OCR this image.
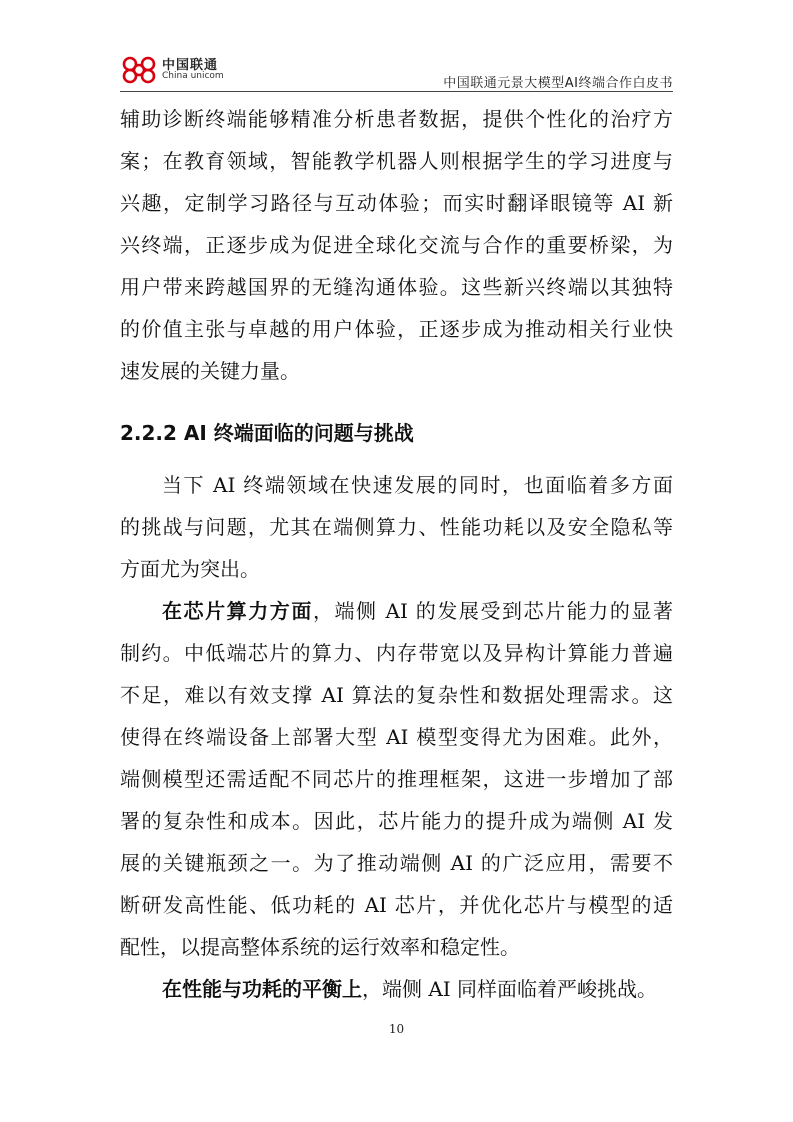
中国联通
China unicom	中国联通元景大模型AI终端合作白皮书

辅助诊断终端能够精准分析患者数据，提供个性化的治疗方
案；在教育领域，智能教学机器人则根据学生的学习进度与
兴趣，定制学习路径与互动体验；而实时翻译眼镜等 AI 新
兴终端，正逐步成为促进全球化交流与合作的重要桥梁，为
用户带来跨越国界的无缝沟通体验。这些新兴终端以其独特
的价值主张与卓越的用户体验，正逐步成为推动相关行业快
速发展的关键力量。

2.2.2 AI 终端面临的问题与挑战

当下 AI 终端领域在快速发展的同时，也面临着多方面
的挑战与问题，尤其在端侧算力、性能功耗以及安全隐私等
方面尤为突出。

在芯片算力方面，端侧 AI 的发展受到芯片能力的显著
制约。中低端芯片的算力、内存带宽以及异构计算能力普遍
不足，难以有效支撑 AI 算法的复杂性和数据处理需求。这
使得在终端设备上部署大型 AI 模型变得尤为困难。此外，
端侧模型还需适配不同芯片的推理框架，这进一步增加了部
署的复杂性和成本。因此，芯片能力的提升成为端侧 AI 发
展的关键瓶颈之一。为了推动端侧 AI 的广泛应用，需要不
断研发高性能、低功耗的 AI 芯片，并优化芯片与模型的适
配性，以提高整体系统的运行效率和稳定性。

在性能与功耗的平衡上，端侧 AI 同样面临着严峻挑战。

10
